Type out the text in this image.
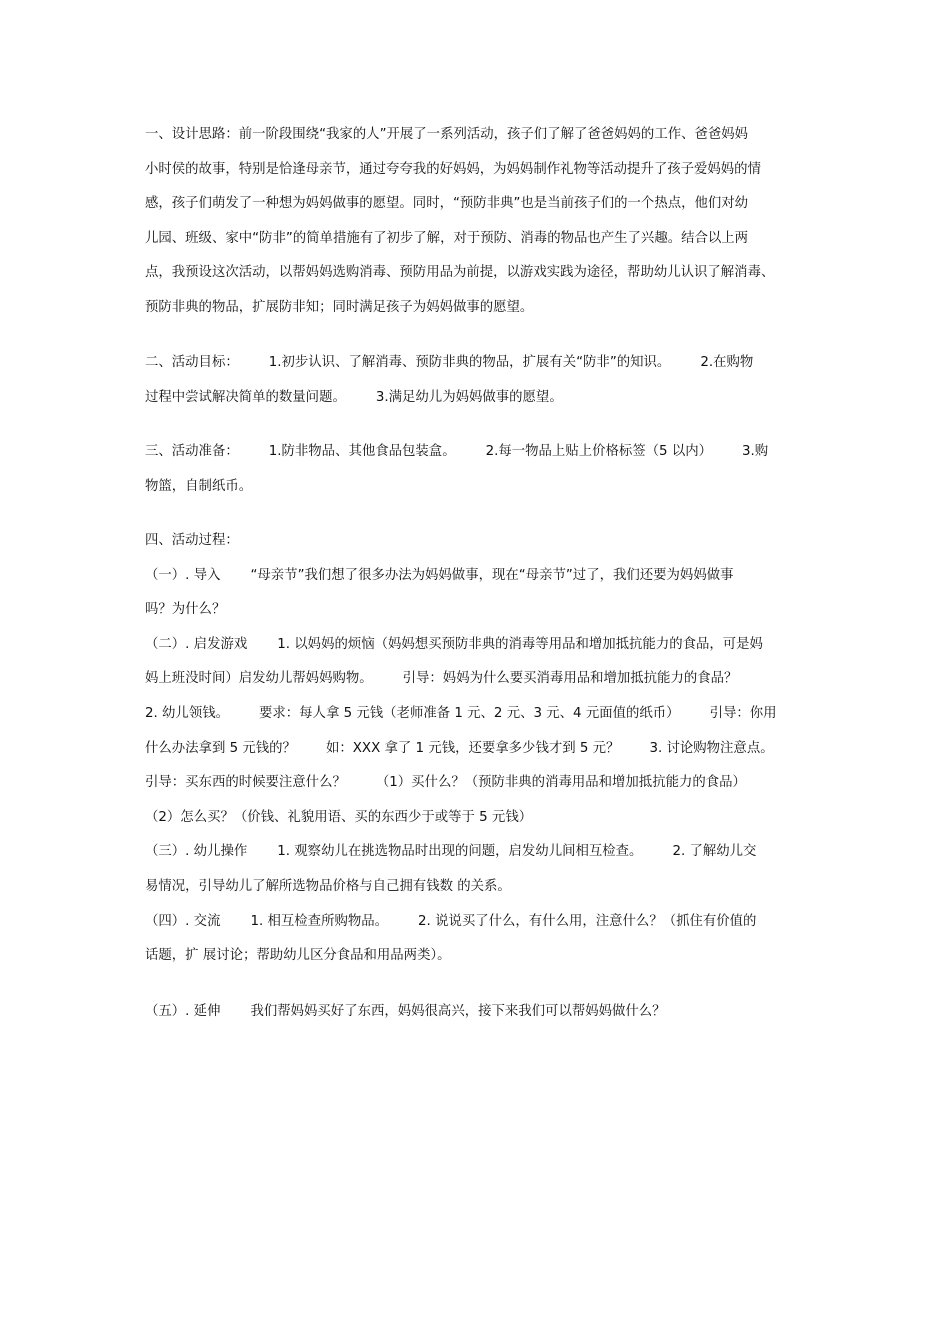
一、设计思路：前一阶段围绕“我家的人”开展了一系列活动，孩子们了解了爸爸妈妈的工作、爸爸妈妈
小时侯的故事，特别是恰逢母亲节，通过夸夸我的好妈妈，为妈妈制作礼物等活动提升了孩子爱妈妈的情
感，孩子们萌发了一种想为妈妈做事的愿望。同时，“预防非典”也是当前孩子们的一个热点，他们对幼
儿园、班级、家中“防非”的简单措施有了初步了解，对于预防、消毒的物品也产生了兴趣。结合以上两
点，我预设这次活动，以帮妈妈选购消毒、预防用品为前提，以游戏实践为途径，帮助幼儿认识了解消毒、
预防非典的物品，扩展防非知；同时满足孩子为妈妈做事的愿望。
二、活动目标： 1.初步认识、了解消毒、预防非典的物品，扩展有关“防非”的知识。 2.在购物
过程中尝试解决简单的数量问题。 3.满足幼儿为妈妈做事的愿望。
三、活动准备： 1.防非物品、其他食品包装盒。 2.每一物品上贴上价格标签（5 以内） 3.购
物篮，自制纸币。
四、活动过程：
（一）. 导入 “母亲节”我们想了很多办法为妈妈做事，现在“母亲节”过了，我们还要为妈妈做事
吗？为什么？
（二）. 启发游戏 1. 以妈妈的烦恼（妈妈想买预防非典的消毒等用品和增加抵抗能力的食品，可是妈
妈上班没时间）启发幼儿帮妈妈购物。 引导：妈妈为什么要买消毒用品和增加抵抗能力的食品？
2. 幼儿领钱。 要求：每人拿 5 元钱（老师准备 1 元、2 元、3 元、4 元面值的纸币） 引导：你用
什么办法拿到 5 元钱的？ 如：XXX 拿了 1 元钱，还要拿多少钱才到 5 元？ 3. 讨论购物注意点。
引导：买东西的时候要注意什么？ （1）买什么？（预防非典的消毒用品和增加抵抗能力的食品）
（2）怎么买？（价钱、礼貌用语、买的东西少于或等于 5 元钱）
（三）. 幼儿操作 1. 观察幼儿在挑选物品时出现的问题，启发幼儿间相互检查。 2. 了解幼儿交
易情况，引导幼儿了解所选物品价格与自己拥有钱数 的关系。
（四）. 交流 1. 相互检查所购物品。 2. 说说买了什么，有什么用，注意什么？（抓住有价值的
话题，扩 展讨论；帮助幼儿区分食品和用品两类）。
（五）. 延伸 我们帮妈妈买好了东西，妈妈很高兴，接下来我们可以帮妈妈做什么？
